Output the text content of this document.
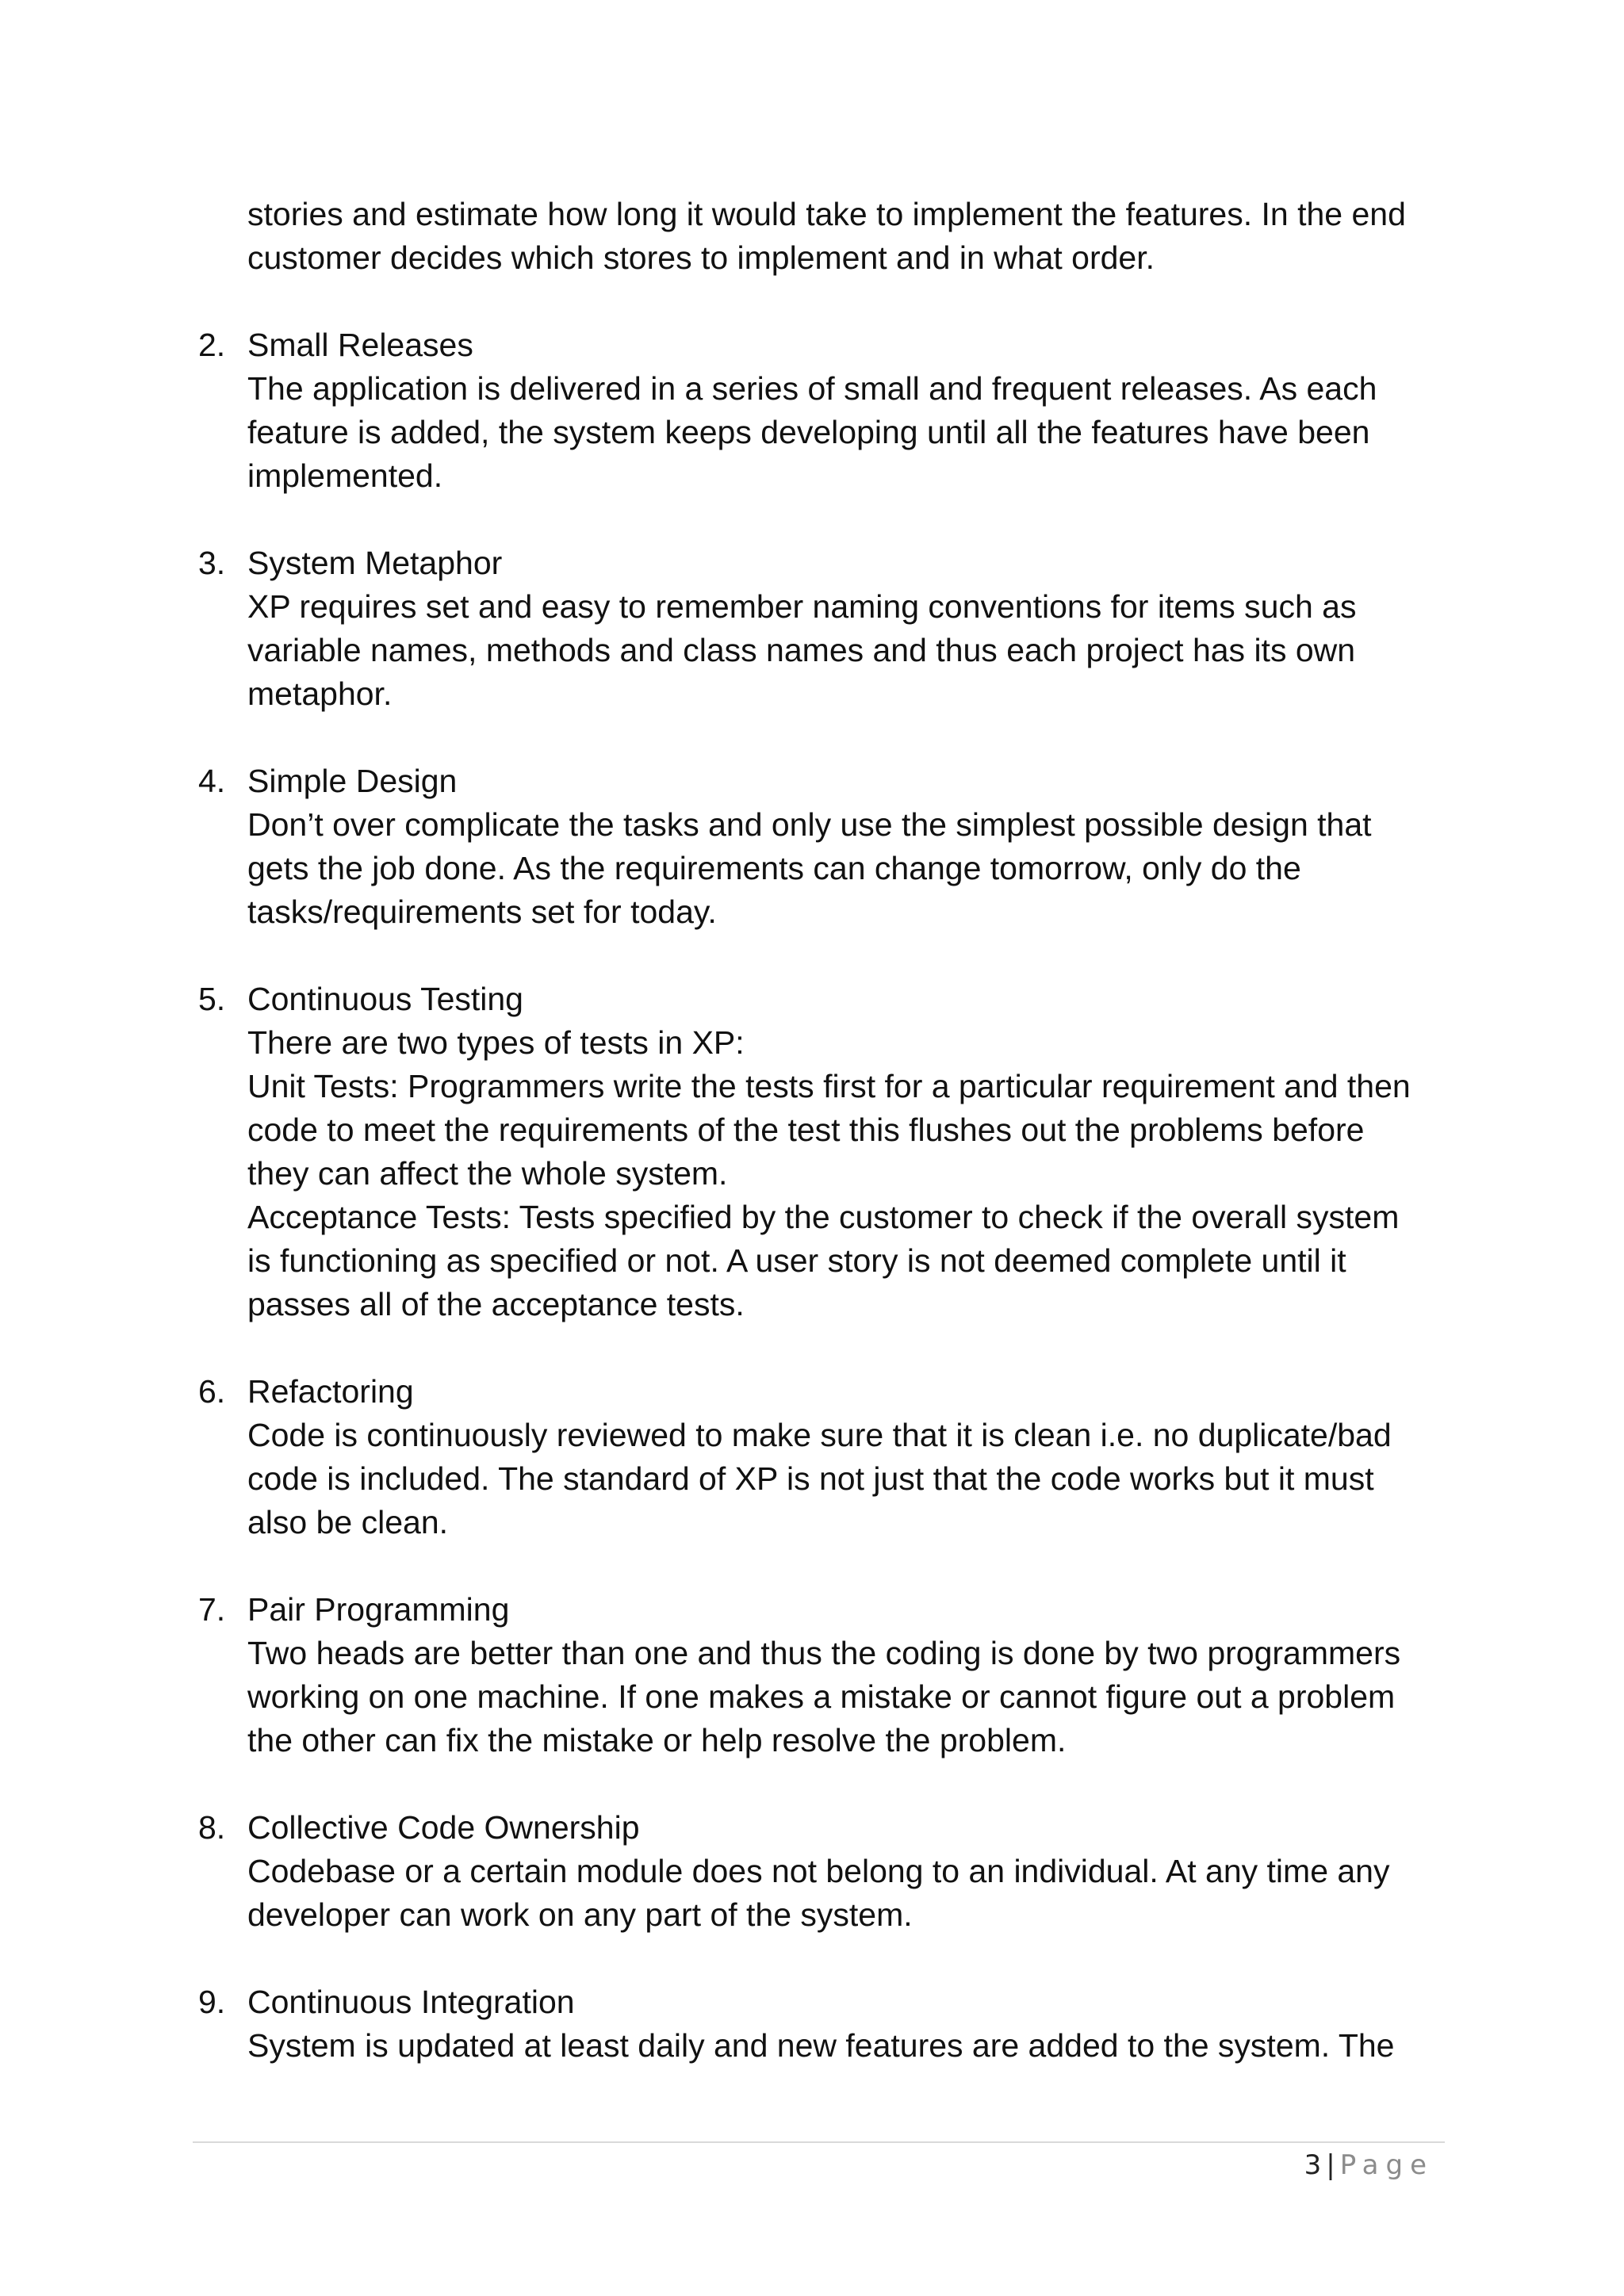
stories and estimate how long it would take to implement the features. In the end

customer decides which stores to implement and in what order.

2. Small Releases

The application is delivered in a series of small and frequent releases. As each

feature is added, the system keeps developing until all the features have been

implemented.

3. System Metaphor

XP requires set and easy to remember naming conventions for items such as

variable names, methods and class names and thus each project has its own

metaphor.

4. Simple Design

Don’t over complicate the tasks and only use the simplest possible design that

gets the job done. As the requirements can change tomorrow, only do the

tasks/requirements set for today.

5. Continuous Testing

There are two types of tests in XP:

Unit Tests: Programmers write the tests first for a particular requirement and then

code to meet the requirements of the test this flushes out the problems before

they can affect the whole system.

Acceptance Tests: Tests specified by the customer to check if the overall system

is functioning as specified or not. A user story is not deemed complete until it

passes all of the acceptance tests.

6. Refactoring

Code is continuously reviewed to make sure that it is clean i.e. no duplicate/bad

code is included. The standard of XP is not just that the code works but it must

also be clean.

7. Pair Programming

Two heads are better than one and thus the coding is done by two programmers

working on one machine. If one makes a mistake or cannot figure out a problem

the other can fix the mistake or help resolve the problem.

8. Collective Code Ownership

Codebase or a certain module does not belong to an individual. At any time any

developer can work on any part of the system.

9. Continuous Integration

System is updated at least daily and new features are added to the system. The

3 | Page
